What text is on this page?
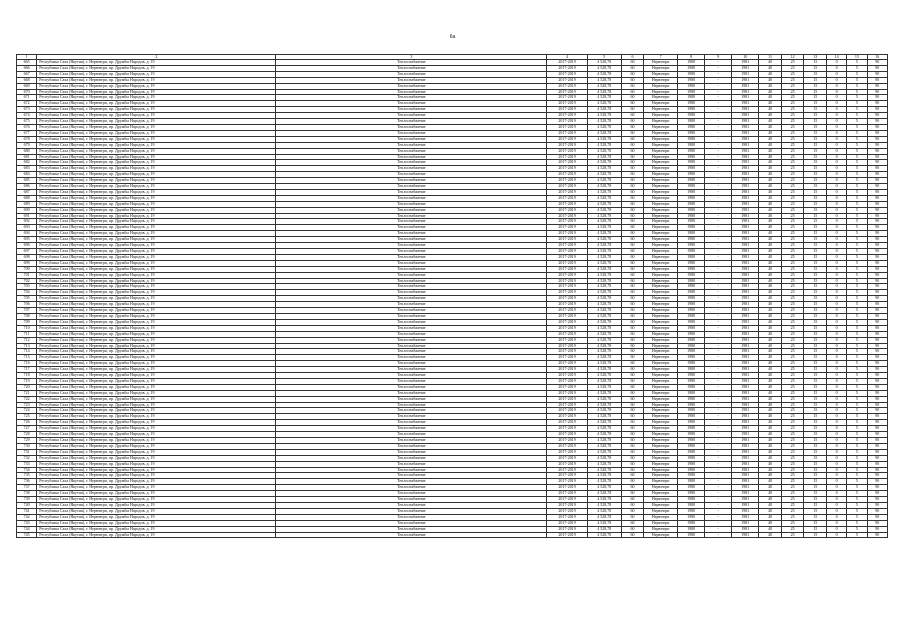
6a
1	2	3	4	5	6	7	8	9	10	11	12	13	14	15	16
665	Республика Саха (Якутия), г. Нерюнгри, пр. Дружбы Народов, д. 19	Теплоснабжение	2017-2019	4 528,78	60	Нерюнгри	1980	-	1981	40	25	15	0	5	90
666	Республика Саха (Якутия), г. Нерюнгри, пр. Дружбы Народов, д. 19	Теплоснабжение	2017-2019	4 528,78	60	Нерюнгри	1980	-	1981	40	25	15	0	5	90
667	Республика Саха (Якутия), г. Нерюнгри, пр. Дружбы Народов, д. 19	Теплоснабжение	2017-2019	4 528,78	60	Нерюнгри	1980	-	1981	40	25	15	0	5	90
668	Республика Саха (Якутия), г. Нерюнгри, пр. Дружбы Народов, д. 19	Теплоснабжение	2017-2019	4 528,78	60	Нерюнгри	1980	-	1981	40	25	15	0	5	90
669	Республика Саха (Якутия), г. Нерюнгри, пр. Дружбы Народов, д. 19	Теплоснабжение	2017-2019	4 528,78	60	Нерюнгри	1980	-	1981	40	25	15	0	5	90
670	Республика Саха (Якутия), г. Нерюнгри, пр. Дружбы Народов, д. 19	Теплоснабжение	2017-2019	4 528,78	60	Нерюнгри	1980	-	1981	40	25	15	0	5	90
671	Республика Саха (Якутия), г. Нерюнгри, пр. Дружбы Народов, д. 19	Теплоснабжение	2017-2019	4 528,78	60	Нерюнгри	1980	-	1981	40	25	15	0	5	90
672	Республика Саха (Якутия), г. Нерюнгри, пр. Дружбы Народов, д. 19	Теплоснабжение	2017-2019	4 528,78	60	Нерюнгри	1980	-	1981	40	25	15	0	5	90
673	Республика Саха (Якутия), г. Нерюнгри, пр. Дружбы Народов, д. 19	Теплоснабжение	2017-2019	4 528,78	60	Нерюнгри	1980	-	1981	40	25	15	0	5	90
674	Республика Саха (Якутия), г. Нерюнгри, пр. Дружбы Народов, д. 19	Теплоснабжение	2017-2019	4 528,78	60	Нерюнгри	1980	-	1981	40	25	15	0	5	90
675	Республика Саха (Якутия), г. Нерюнгри, пр. Дружбы Народов, д. 19	Теплоснабжение	2017-2019	4 528,78	60	Нерюнгри	1980	-	1981	40	25	15	0	5	90
676	Республика Саха (Якутия), г. Нерюнгри, пр. Дружбы Народов, д. 19	Теплоснабжение	2017-2019	4 528,78	60	Нерюнгри	1980	-	1981	40	25	15	0	5	90
677	Республика Саха (Якутия), г. Нерюнгри, пр. Дружбы Народов, д. 19	Теплоснабжение	2017-2019	4 528,78	60	Нерюнгри	1980	-	1981	40	25	15	0	5	90
678	Республика Саха (Якутия), г. Нерюнгри, пр. Дружбы Народов, д. 19	Теплоснабжение	2017-2019	4 528,78	60	Нерюнгри	1980	-	1981	40	25	15	0	5	90
679	Республика Саха (Якутия), г. Нерюнгри, пр. Дружбы Народов, д. 19	Теплоснабжение	2017-2019	4 528,78	60	Нерюнгри	1980	-	1981	40	25	15	0	5	90
680	Республика Саха (Якутия), г. Нерюнгри, пр. Дружбы Народов, д. 19	Теплоснабжение	2017-2019	4 528,78	60	Нерюнгри	1980	-	1981	40	25	15	0	5	90
681	Республика Саха (Якутия), г. Нерюнгри, пр. Дружбы Народов, д. 19	Теплоснабжение	2017-2019	4 528,78	60	Нерюнгри	1980	-	1981	40	25	15	0	5	90
682	Республика Саха (Якутия), г. Нерюнгри, пр. Дружбы Народов, д. 19	Теплоснабжение	2017-2019	4 528,78	60	Нерюнгри	1980	-	1981	40	25	15	0	5	90
683	Республика Саха (Якутия), г. Нерюнгри, пр. Дружбы Народов, д. 19	Теплоснабжение	2017-2019	4 528,78	60	Нерюнгри	1980	-	1981	40	25	15	0	5	90
684	Республика Саха (Якутия), г. Нерюнгри, пр. Дружбы Народов, д. 19	Теплоснабжение	2017-2019	4 528,78	60	Нерюнгри	1980	-	1981	40	25	15	0	5	90
685	Республика Саха (Якутия), г. Нерюнгри, пр. Дружбы Народов, д. 19	Теплоснабжение	2017-2019	4 528,78	60	Нерюнгри	1980	-	1981	40	25	15	0	5	90
686	Республика Саха (Якутия), г. Нерюнгри, пр. Дружбы Народов, д. 19	Теплоснабжение	2017-2019	4 528,78	60	Нерюнгри	1980	-	1981	40	25	15	0	5	90
687	Республика Саха (Якутия), г. Нерюнгри, пр. Дружбы Народов, д. 19	Теплоснабжение	2017-2019	4 528,78	60	Нерюнгри	1980	-	1981	40	25	15	0	5	90
688	Республика Саха (Якутия), г. Нерюнгри, пр. Дружбы Народов, д. 19	Теплоснабжение	2017-2019	4 528,78	60	Нерюнгри	1980	-	1981	40	25	15	0	5	90
689	Республика Саха (Якутия), г. Нерюнгри, пр. Дружбы Народов, д. 19	Теплоснабжение	2017-2019	4 528,78	60	Нерюнгри	1980	-	1981	40	25	15	0	5	90
690	Республика Саха (Якутия), г. Нерюнгри, пр. Дружбы Народов, д. 19	Теплоснабжение	2017-2019	4 528,78	60	Нерюнгри	1980	-	1981	40	25	15	0	5	90
691	Республика Саха (Якутия), г. Нерюнгри, пр. Дружбы Народов, д. 19	Теплоснабжение	2017-2019	4 528,78	60	Нерюнгри	1980	-	1981	40	25	15	0	5	90
692	Республика Саха (Якутия), г. Нерюнгри, пр. Дружбы Народов, д. 19	Теплоснабжение	2017-2019	4 528,78	60	Нерюнгри	1980	-	1981	40	25	15	0	5	90
693	Республика Саха (Якутия), г. Нерюнгри, пр. Дружбы Народов, д. 19	Теплоснабжение	2017-2019	4 528,78	60	Нерюнгри	1980	-	1981	40	25	15	0	5	90
694	Республика Саха (Якутия), г. Нерюнгри, пр. Дружбы Народов, д. 19	Теплоснабжение	2017-2019	4 528,78	60	Нерюнгри	1980	-	1981	40	25	15	0	5	90
695	Республика Саха (Якутия), г. Нерюнгри, пр. Дружбы Народов, д. 19	Теплоснабжение	2017-2019	4 528,78	60	Нерюнгри	1980	-	1981	40	25	15	0	5	90
696	Республика Саха (Якутия), г. Нерюнгри, пр. Дружбы Народов, д. 19	Теплоснабжение	2017-2019	4 528,78	60	Нерюнгри	1980	-	1981	40	25	15	0	5	90
697	Республика Саха (Якутия), г. Нерюнгри, пр. Дружбы Народов, д. 19	Теплоснабжение	2017-2019	4 528,78	60	Нерюнгри	1980	-	1981	40	25	15	0	5	90
698	Республика Саха (Якутия), г. Нерюнгри, пр. Дружбы Народов, д. 19	Теплоснабжение	2017-2019	4 528,78	60	Нерюнгри	1980	-	1981	40	25	15	0	5	90
699	Республика Саха (Якутия), г. Нерюнгри, пр. Дружбы Народов, д. 19	Теплоснабжение	2017-2019	4 528,78	60	Нерюнгри	1980	-	1981	40	25	15	0	5	90
700	Республика Саха (Якутия), г. Нерюнгри, пр. Дружбы Народов, д. 19	Теплоснабжение	2017-2019	4 528,78	60	Нерюнгри	1980	-	1981	40	25	15	0	5	90
701	Республика Саха (Якутия), г. Нерюнгри, пр. Дружбы Народов, д. 19	Теплоснабжение	2017-2019	4 528,78	60	Нерюнгри	1980	-	1981	40	25	15	0	5	90
702	Республика Саха (Якутия), г. Нерюнгри, пр. Дружбы Народов, д. 19	Теплоснабжение	2017-2019	4 528,78	60	Нерюнгри	1980	-	1981	40	25	15	0	5	90
703	Республика Саха (Якутия), г. Нерюнгри, пр. Дружбы Народов, д. 19	Теплоснабжение	2017-2019	4 528,78	60	Нерюнгри	1980	-	1981	40	25	15	0	5	90
704	Республика Саха (Якутия), г. Нерюнгри, пр. Дружбы Народов, д. 19	Теплоснабжение	2017-2019	4 528,78	60	Нерюнгри	1980	-	1981	40	25	15	0	5	90
705	Республика Саха (Якутия), г. Нерюнгри, пр. Дружбы Народов, д. 19	Теплоснабжение	2017-2019	4 528,78	60	Нерюнгри	1980	-	1981	40	25	15	0	5	90
706	Республика Саха (Якутия), г. Нерюнгри, пр. Дружбы Народов, д. 19	Теплоснабжение	2017-2019	4 528,78	60	Нерюнгри	1980	-	1981	40	25	15	0	5	90
707	Республика Саха (Якутия), г. Нерюнгри, пр. Дружбы Народов, д. 19	Теплоснабжение	2017-2019	4 528,78	60	Нерюнгри	1980	-	1981	40	25	15	0	5	90
708	Республика Саха (Якутия), г. Нерюнгри, пр. Дружбы Народов, д. 19	Теплоснабжение	2017-2019	4 528,78	60	Нерюнгри	1980	-	1981	40	25	15	0	5	90
709	Республика Саха (Якутия), г. Нерюнгри, пр. Дружбы Народов, д. 19	Теплоснабжение	2017-2019	4 528,78	60	Нерюнгри	1980	-	1981	40	25	15	0	5	90
710	Республика Саха (Якутия), г. Нерюнгри, пр. Дружбы Народов, д. 19	Теплоснабжение	2017-2019	4 528,78	60	Нерюнгри	1980	-	1981	40	25	15	0	5	90
711	Республика Саха (Якутия), г. Нерюнгри, пр. Дружбы Народов, д. 19	Теплоснабжение	2017-2019	4 528,78	60	Нерюнгри	1980	-	1981	40	25	15	0	5	90
712	Республика Саха (Якутия), г. Нерюнгри, пр. Дружбы Народов, д. 19	Теплоснабжение	2017-2019	4 528,78	60	Нерюнгри	1980	-	1981	40	25	15	0	5	90
713	Республика Саха (Якутия), г. Нерюнгри, пр. Дружбы Народов, д. 19	Теплоснабжение	2017-2019	4 528,78	60	Нерюнгри	1980	-	1981	40	25	15	0	5	90
714	Республика Саха (Якутия), г. Нерюнгри, пр. Дружбы Народов, д. 19	Теплоснабжение	2017-2019	4 528,78	60	Нерюнгри	1980	-	1981	40	25	15	0	5	90
715	Республика Саха (Якутия), г. Нерюнгри, пр. Дружбы Народов, д. 19	Теплоснабжение	2017-2019	4 528,78	60	Нерюнгри	1980	-	1981	40	25	15	0	5	90
716	Республика Саха (Якутия), г. Нерюнгри, пр. Дружбы Народов, д. 19	Теплоснабжение	2017-2019	4 528,78	60	Нерюнгри	1980	-	1981	40	25	15	0	5	90
717	Республика Саха (Якутия), г. Нерюнгри, пр. Дружбы Народов, д. 19	Теплоснабжение	2017-2019	4 528,78	60	Нерюнгри	1980	-	1981	40	25	15	0	5	90
718	Республика Саха (Якутия), г. Нерюнгри, пр. Дружбы Народов, д. 19	Теплоснабжение	2017-2019	4 528,78	60	Нерюнгри	1980	-	1981	40	25	15	0	5	90
719	Республика Саха (Якутия), г. Нерюнгри, пр. Дружбы Народов, д. 19	Теплоснабжение	2017-2019	4 528,78	60	Нерюнгри	1980	-	1981	40	25	15	0	5	90
720	Республика Саха (Якутия), г. Нерюнгри, пр. Дружбы Народов, д. 19	Теплоснабжение	2017-2019	4 528,78	60	Нерюнгри	1980	-	1981	40	25	15	0	5	90
721	Республика Саха (Якутия), г. Нерюнгри, пр. Дружбы Народов, д. 19	Теплоснабжение	2017-2019	4 528,78	60	Нерюнгри	1980	-	1981	40	25	15	0	5	90
722	Республика Саха (Якутия), г. Нерюнгри, пр. Дружбы Народов, д. 19	Теплоснабжение	2017-2019	4 528,78	60	Нерюнгри	1980	-	1981	40	25	15	0	5	90
723	Республика Саха (Якутия), г. Нерюнгри, пр. Дружбы Народов, д. 19	Теплоснабжение	2017-2019	4 528,78	60	Нерюнгри	1980	-	1981	40	25	15	0	5	90
724	Республика Саха (Якутия), г. Нерюнгри, пр. Дружбы Народов, д. 19	Теплоснабжение	2017-2019	4 528,78	60	Нерюнгри	1980	-	1981	40	25	15	0	5	90
725	Республика Саха (Якутия), г. Нерюнгри, пр. Дружбы Народов, д. 19	Теплоснабжение	2017-2019	4 528,78	60	Нерюнгри	1980	-	1981	40	25	15	0	5	90
726	Республика Саха (Якутия), г. Нерюнгри, пр. Дружбы Народов, д. 19	Теплоснабжение	2017-2019	4 528,78	60	Нерюнгри	1980	-	1981	40	25	15	0	5	90
727	Республика Саха (Якутия), г. Нерюнгри, пр. Дружбы Народов, д. 19	Теплоснабжение	2017-2019	4 528,78	60	Нерюнгри	1980	-	1981	40	25	15	0	5	90
728	Республика Саха (Якутия), г. Нерюнгри, пр. Дружбы Народов, д. 19	Теплоснабжение	2017-2019	4 528,78	60	Нерюнгри	1980	-	1981	40	25	15	0	5	90
729	Республика Саха (Якутия), г. Нерюнгри, пр. Дружбы Народов, д. 19	Теплоснабжение	2017-2019	4 528,78	60	Нерюнгри	1980	-	1981	40	25	15	0	5	90
730	Республика Саха (Якутия), г. Нерюнгри, пр. Дружбы Народов, д. 19	Теплоснабжение	2017-2019	4 528,78	60	Нерюнгри	1980	-	1981	40	25	15	0	5	90
731	Республика Саха (Якутия), г. Нерюнгри, пр. Дружбы Народов, д. 19	Теплоснабжение	2017-2019	4 528,78	60	Нерюнгри	1980	-	1981	40	25	15	0	5	90
732	Республика Саха (Якутия), г. Нерюнгри, пр. Дружбы Народов, д. 19	Теплоснабжение	2017-2019	4 528,78	60	Нерюнгри	1980	-	1981	40	25	15	0	5	90
733	Республика Саха (Якутия), г. Нерюнгри, пр. Дружбы Народов, д. 19	Теплоснабжение	2017-2019	4 528,78	60	Нерюнгри	1980	-	1981	40	25	15	0	5	90
734	Республика Саха (Якутия), г. Нерюнгри, пр. Дружбы Народов, д. 19	Теплоснабжение	2017-2019	4 528,78	60	Нерюнгри	1980	-	1981	40	25	15	0	5	90
735	Республика Саха (Якутия), г. Нерюнгри, пр. Дружбы Народов, д. 19	Теплоснабжение	2017-2019	4 528,78	60	Нерюнгри	1980	-	1981	40	25	15	0	5	90
736	Республика Саха (Якутия), г. Нерюнгри, пр. Дружбы Народов, д. 19	Теплоснабжение	2017-2019	4 528,78	60	Нерюнгри	1980	-	1981	40	25	15	0	5	90
737	Республика Саха (Якутия), г. Нерюнгри, пр. Дружбы Народов, д. 19	Теплоснабжение	2017-2019	4 528,78	60	Нерюнгри	1980	-	1981	40	25	15	0	5	90
738	Республика Саха (Якутия), г. Нерюнгри, пр. Дружбы Народов, д. 19	Теплоснабжение	2017-2019	4 528,78	60	Нерюнгри	1980	-	1981	40	25	15	0	5	90
739	Республика Саха (Якутия), г. Нерюнгри, пр. Дружбы Народов, д. 19	Теплоснабжение	2017-2019	4 528,78	60	Нерюнгри	1980	-	1981	40	25	15	0	5	90
740	Республика Саха (Якутия), г. Нерюнгри, пр. Дружбы Народов, д. 19	Теплоснабжение	2017-2019	4 528,78	60	Нерюнгри	1980	-	1981	40	25	15	0	5	90
741	Республика Саха (Якутия), г. Нерюнгри, пр. Дружбы Народов, д. 19	Теплоснабжение	2017-2019	4 528,78	60	Нерюнгри	1980	-	1981	40	25	15	0	5	90
742	Республика Саха (Якутия), г. Нерюнгри, пр. Дружбы Народов, д. 19	Теплоснабжение	2017-2019	4 528,78	60	Нерюнгри	1980	-	1981	40	25	15	0	5	90
743	Республика Саха (Якутия), г. Нерюнгри, пр. Дружбы Народов, д. 19	Теплоснабжение	2017-2019	4 528,78	60	Нерюнгри	1980	-	1981	40	25	15	0	5	90
744	Республика Саха (Якутия), г. Нерюнгри, пр. Дружбы Народов, д. 19	Теплоснабжение	2017-2019	4 528,78	60	Нерюнгри	1980	-	1981	40	25	15	0	5	90
745	Республика Саха (Якутия), г. Нерюнгри, пр. Дружбы Народов, д. 19	Теплоснабжение	2017-2019	4 528,78	60	Нерюнгри	1980	-	1981	40	25	15	0	5	90
